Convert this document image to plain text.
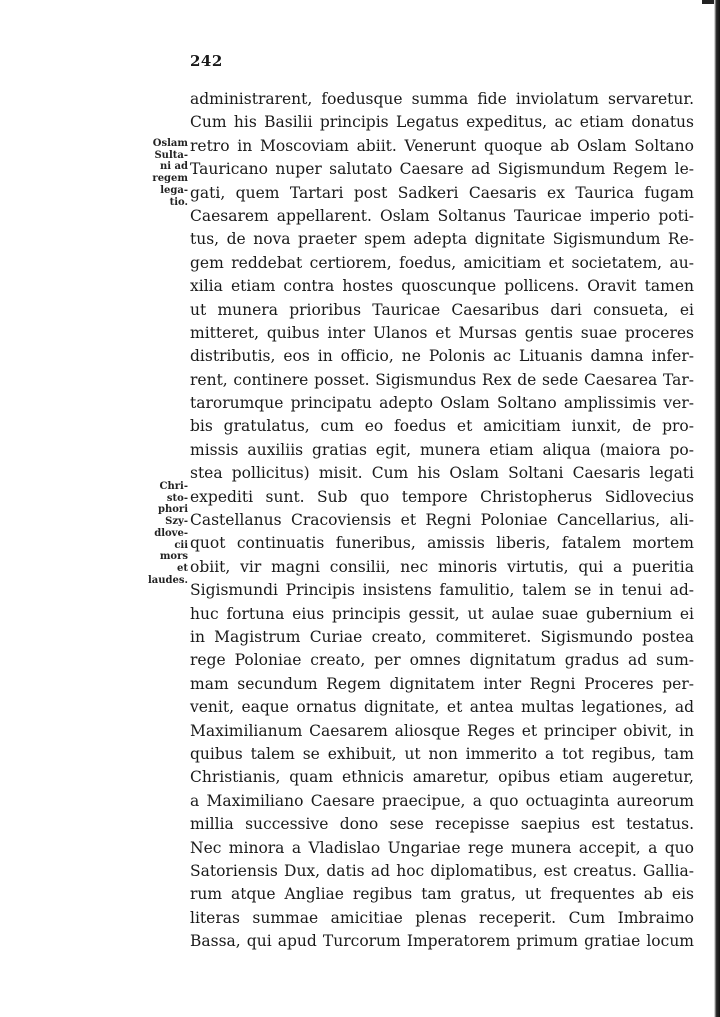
242
Oslam
Sulta-
ni ad
regem
lega-
tio.
Chri-
sto-
phori
Szy-
dlove-
cii
mors
et
laudes.
administrarent, foedusque summa fide inviolatum servaretur.
Cum his Basilii principis Legatus expeditus, ac etiam donatus
retro in Moscoviam abiit. Venerunt quoque ab Oslam Soltano
Tauricano nuper salutato Caesare ad Sigismundum Regem le-
gati, quem Tartari post Sadkeri Caesaris ex Taurica fugam
Caesarem appellarent. Oslam Soltanus Tauricae imperio poti-
tus, de nova praeter spem adepta dignitate Sigismundum Re-
gem reddebat certiorem, foedus, amicitiam et societatem, au-
xilia etiam contra hostes quoscunque pollicens. Oravit tamen
ut munera prioribus Tauricae Caesaribus dari consueta, ei
mitteret, quibus inter Ulanos et Mursas gentis suae proceres
distributis, eos in officio, ne Polonis ac Lituanis damna infer-
rent, continere posset. Sigismundus Rex de sede Caesarea Tar-
tarorumque principatu adepto Oslam Soltano amplissimis ver-
bis gratulatus, cum eo foedus et amicitiam iunxit, de pro-
missis auxiliis gratias egit, munera etiam aliqua (maiora po-
stea pollicitus) misit. Cum his Oslam Soltani Caesaris legati
expediti sunt. Sub quo tempore Christopherus Sidlovecius
Castellanus Cracoviensis et Regni Poloniae Cancellarius, ali-
quot continuatis funeribus, amissis liberis, fatalem mortem
obiit, vir magni consilii, nec minoris virtutis, qui a pueritia
Sigismundi Principis insistens famulitio, talem se in tenui ad-
huc fortuna eius principis gessit, ut aulae suae gubernium ei
in Magistrum Curiae creato, commiteret. Sigismundo postea
rege Poloniae creato, per omnes dignitatum gradus ad sum-
mam secundum Regem dignitatem inter Regni Proceres per-
venit, eaque ornatus dignitate, et antea multas legationes, ad
Maximilianum Caesarem aliosque Reges et principer obivit, in
quibus talem se exhibuit, ut non immerito a tot regibus, tam
Christianis, quam ethnicis amaretur, opibus etiam augeretur,
a Maximiliano Caesare praecipue, a quo octuaginta aureorum
millia successive dono sese recepisse saepius est testatus.
Nec minora a Vladislao Ungariae rege munera accepit, a quo
Satoriensis Dux, datis ad hoc diplomatibus, est creatus. Gallia-
rum atque Angliae regibus tam gratus, ut frequentes ab eis
literas summae amicitiae plenas receperit. Cum Imbraimo
Bassa, qui apud Turcorum Imperatorem primum gratiae locum
